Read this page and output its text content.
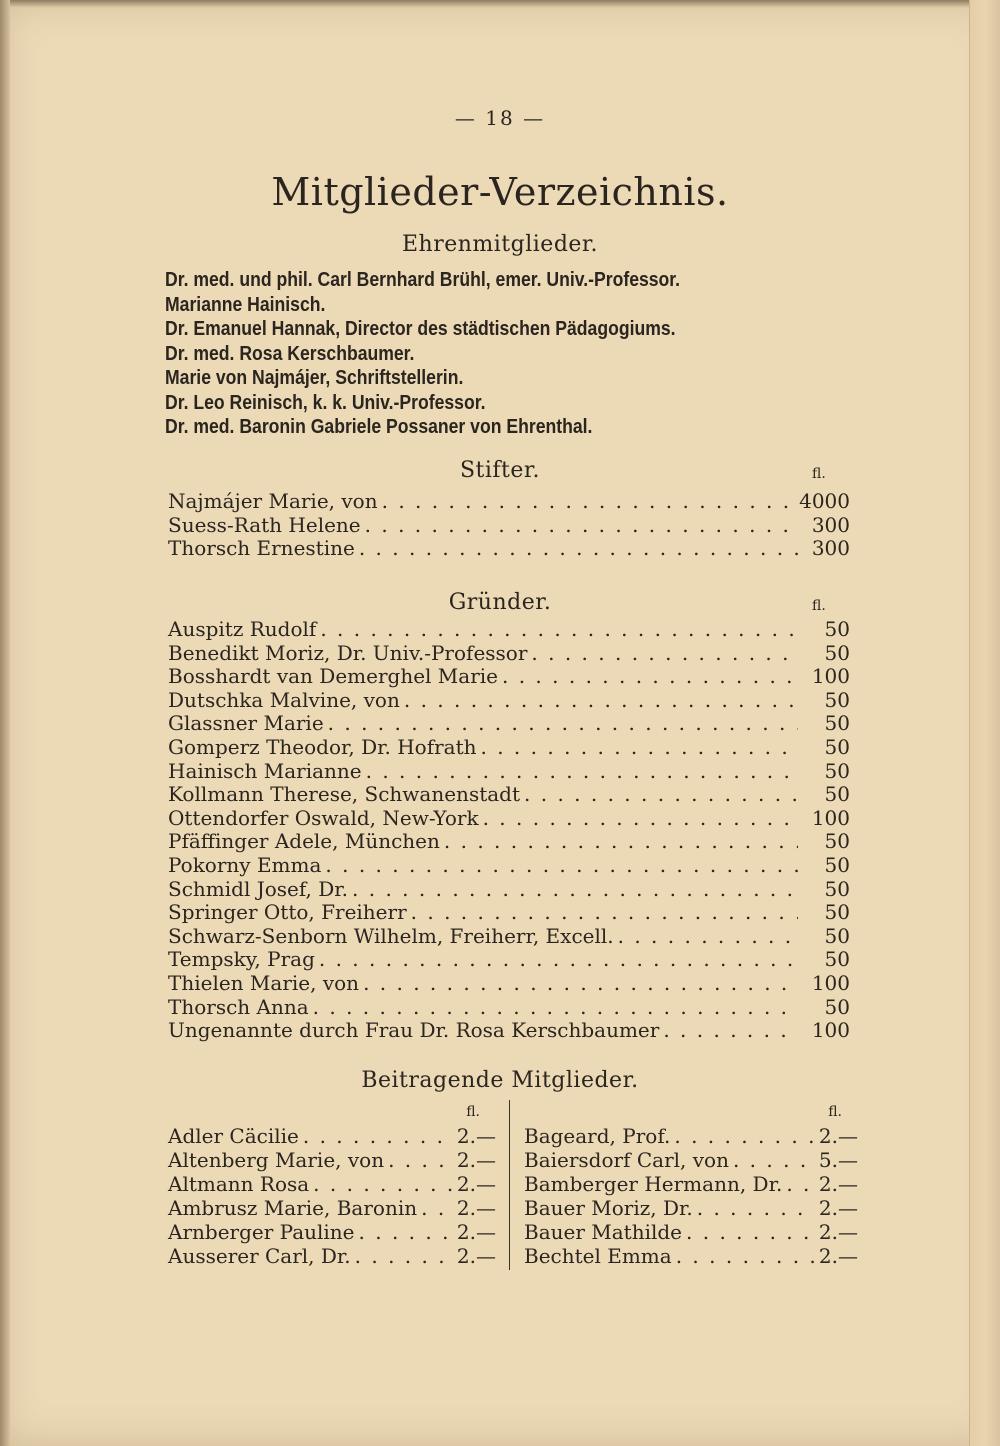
— 18 —
Mitglieder-Verzeichnis.
Ehrenmitglieder.
Dr. med. und phil. Carl Bernhard Brühl, emer. Univ.-Professor.
Marianne Hainisch.
Dr. Emanuel Hannak, Director des städtischen Pädagogiums.
Dr. med. Rosa Kerschbaumer.
Marie von Najmájer, Schriftstellerin.
Dr. Leo Reinisch, k. k. Univ.-Professor.
Dr. med. Baronin Gabriele Possaner von Ehrenthal.
Stifter.	fl.
Najmájer Marie, von . . .	4000
Suess-Rath Helene . . .	300
Thorsch Ernestine . . .	300
Gründer.	fl.
Auspitz Rudolf . . .	50
Benedikt Moriz, Dr. Univ.-Professor . . .	50
Bosshardt van Demerghel Marie . . .	100
Dutschka Malvine, von . . .	50
Glassner Marie . . .	50
Gomperz Theodor, Dr. Hofrath . . .	50
Hainisch Marianne . . .	50
Kollmann Therese, Schwanenstadt . . .	50
Ottendorfer Oswald, New-York . . .	100
Pfäffinger Adele, München . . .	50
Pokorny Emma . . .	50
Schmidl Josef, Dr. . . .	50
Springer Otto, Freiherr . . .	50
Schwarz-Senborn Wilhelm, Freiherr, Excell. . . .	50
Tempsky, Prag . . .	50
Thielen Marie, von . . .	100
Thorsch Anna . . .	50
Ungenannte durch Frau Dr. Rosa Kerschbaumer . . .	100
Beitragende Mitglieder.
fl.
Adler Cäcilie . . .	2.—
Altenberg Marie, von . . .	2.—
Altmann Rosa . . .	2.—
Ambrusz Marie, Baronin . . . 2.—
Arnberger Pauline . . .	2.—
Ausserer Carl, Dr. . . .	2.—
fl.
Bageard, Prof. . . .	2.—
Baiersdorf Carl, von . . .	5.—
Bamberger Hermann, Dr. . . . 2.—
Bauer Moriz, Dr. . . .	2.—
Bauer Mathilde . . .	2.—
Bechtel Emma . . .	2.—
